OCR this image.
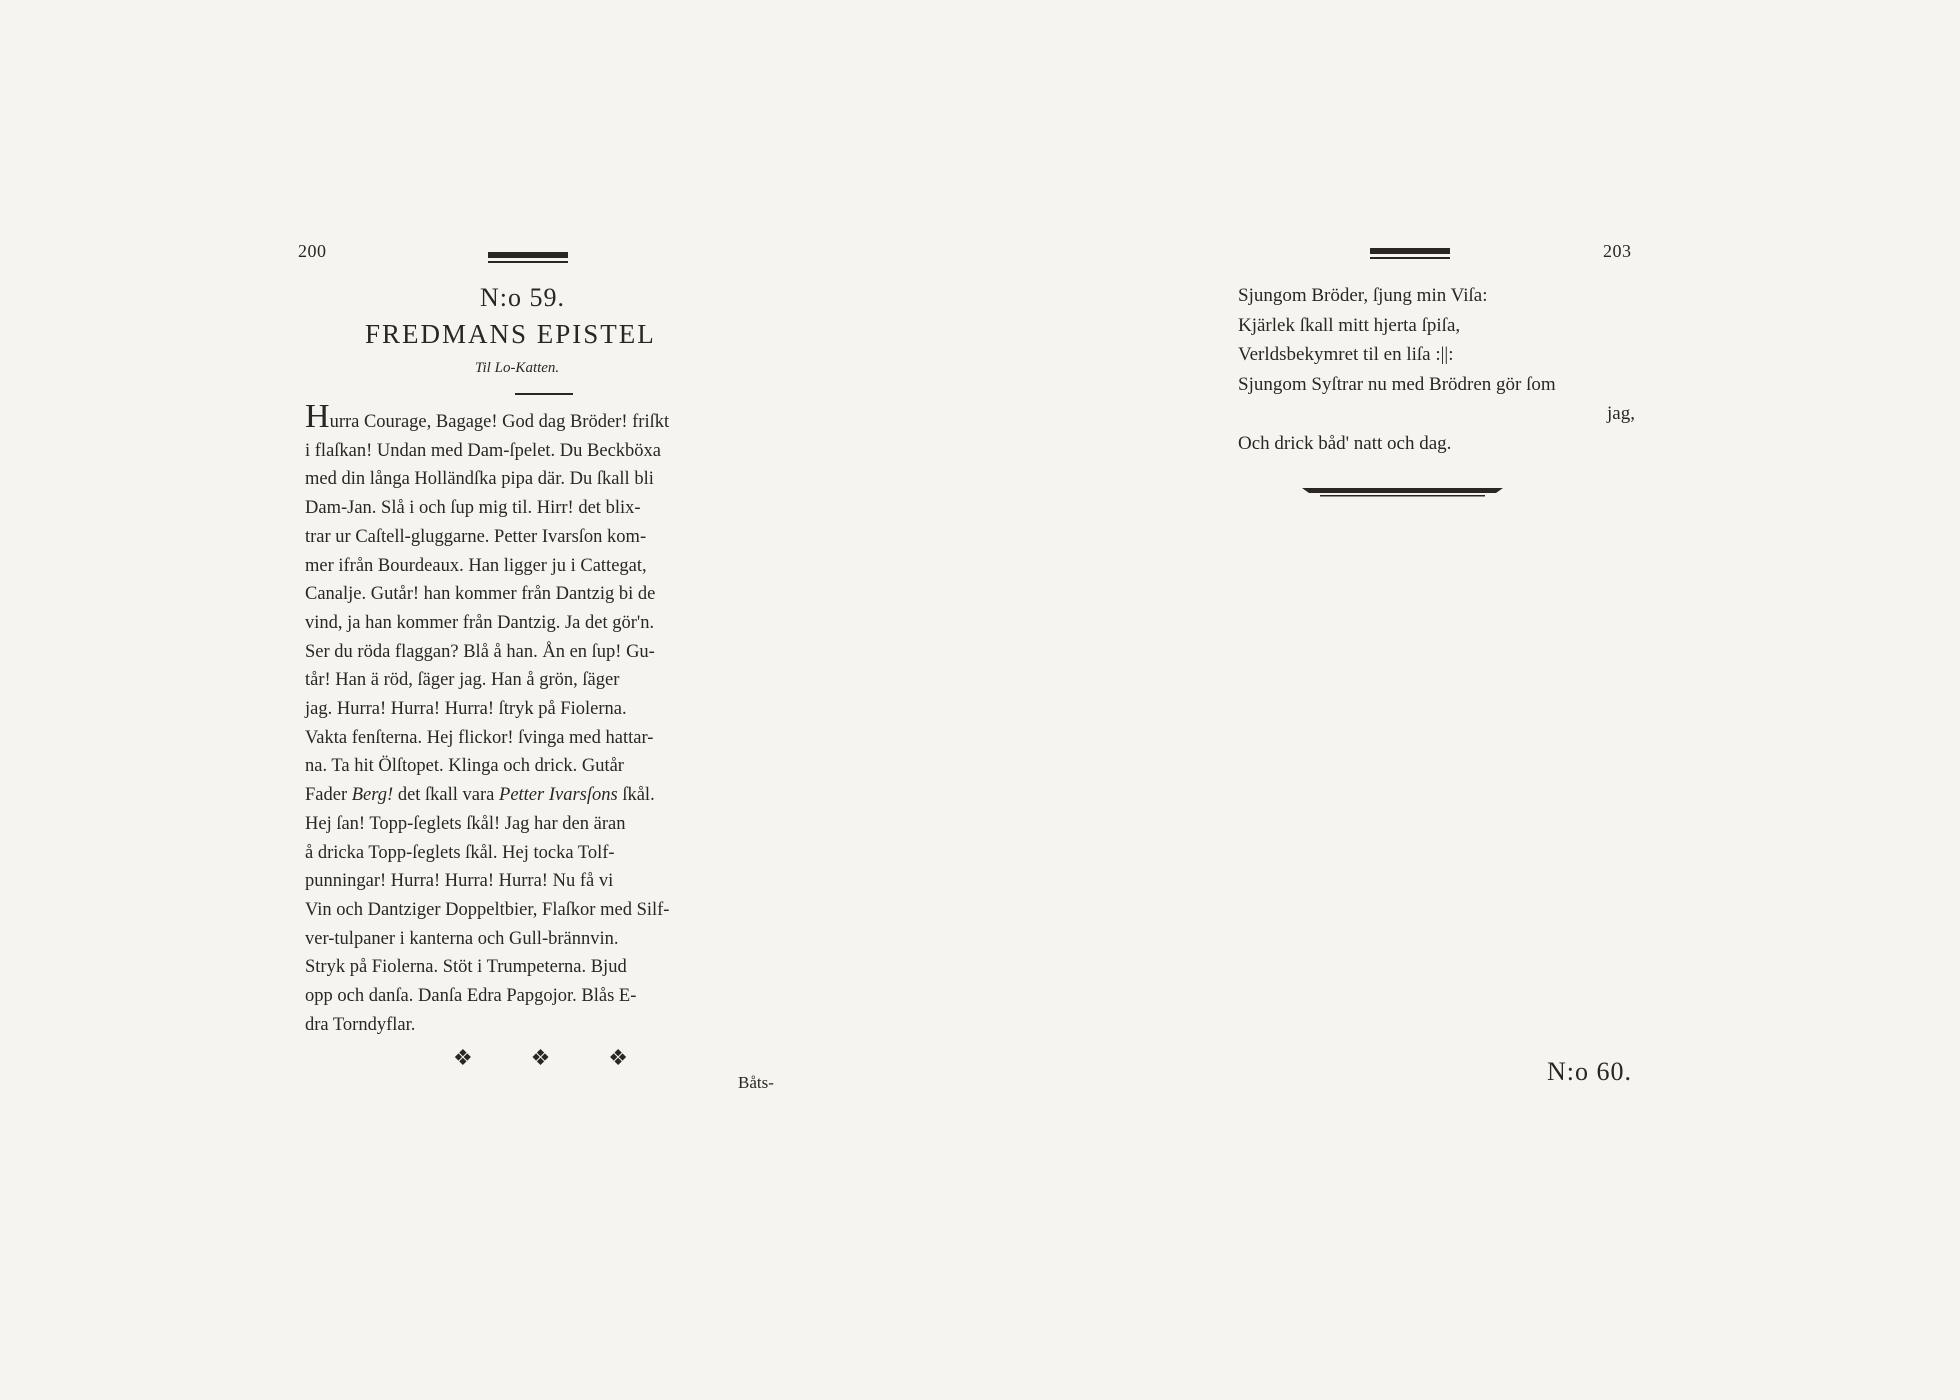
200
N:o 59.
FREDMANS EPISTEL
Til Lo-Katten.
Hurra Courage, Bagage! God dag Bröder! friſkt
i flaſkan! Undan med Dam-ſpelet. Du Beckböxa
med din långa Holländſka pipa där. Du ſkall bli
Dam-Jan. Slå i och ſup mig til. Hirr! det blix-
trar ur Caſtell-gluggarne. Petter Ivarsſon kom-
mer ifrån Bourdeaux. Han ligger ju i Cattegat,
Canalje. Gutår! han kommer från Dantzig bi de
vind, ja han kommer från Dantzig. Ja det gör'n.
Ser du röda flaggan? Blå å han. Ån en ſup! Gu-
tår! Han ä röd, ſäger jag. Han å grön, ſäger
jag. Hurra! Hurra! Hurra! ſtryk på Fiolerna.
Vakta fenſterna. Hej flickor! ſvinga med hattar-
na. Ta hit Ölſtopet. Klinga och drick. Gutår
Fader Berg! det ſkall vara Petter Ivarsſons ſkål.
Hej ſan! Topp-ſeglets ſkål! Jag har den äran
å dricka Topp-ſeglets ſkål. Hej tocka Tolf-
punningar! Hurra! Hurra! Hurra! Nu få vi
Vin och Dantziger Doppeltbier, Flaſkor med Silf-
ver-tulpaner i kanterna och Gull-brännvin.
Stryk på Fiolerna. Stöt i Trumpeterna. Bjud
opp och danſa. Danſa Edra Papgojor. Blås E-
dra Torndyflar.
❖	❖	❖
Båts-
203
Sjungom Bröder, ſjung min Viſa:
Kjärlek ſkall mitt hjerta ſpiſa,
Verldsbekymret til en liſa :||:
Sjungom Syſtrar nu med Brödren gör ſom
jag,
Och drick båd' natt och dag.
N:o 60.
